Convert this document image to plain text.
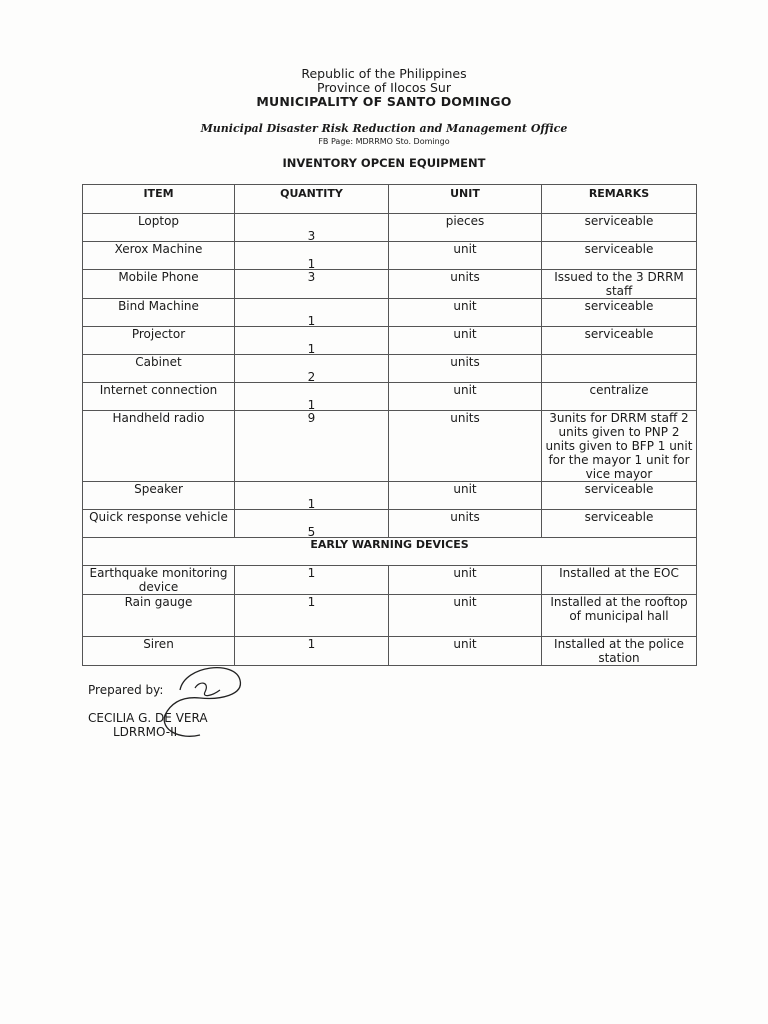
Republic of the Philippines
Province of Ilocos Sur
MUNICIPALITY OF SANTO DOMINGO
Municipal Disaster Risk Reduction and Management Office
FB Page: MDRRMO Sto. Domingo
INVENTORY OPCEN EQUIPMENT
ITEM	QUANTITY	UNIT	REMARKS
Loptop	3	pieces	serviceable
Xerox Machine	1	unit	serviceable
Mobile Phone	3	units	Issued to the 3 DRRM staff
Bind Machine	1	unit	serviceable
Projector	1	unit	serviceable
Cabinet	2	units	
Internet connection	1	unit	centralize
Handheld radio	9	units	3units for DRRM staff 2 units given to PNP 2 units given to BFP 1 unit for the mayor 1 unit for vice mayor
Speaker	1	unit	serviceable
Quick response vehicle	5	units	serviceable
EARLY WARNING DEVICES			
Earthquake monitoring device	1	unit	Installed at the EOC
Rain gauge	1	unit	Installed at the rooftop of municipal hall
Siren	1	unit	Installed at the police station
Prepared by:
CECILIA G. DE VERA
LDRRMO-II
